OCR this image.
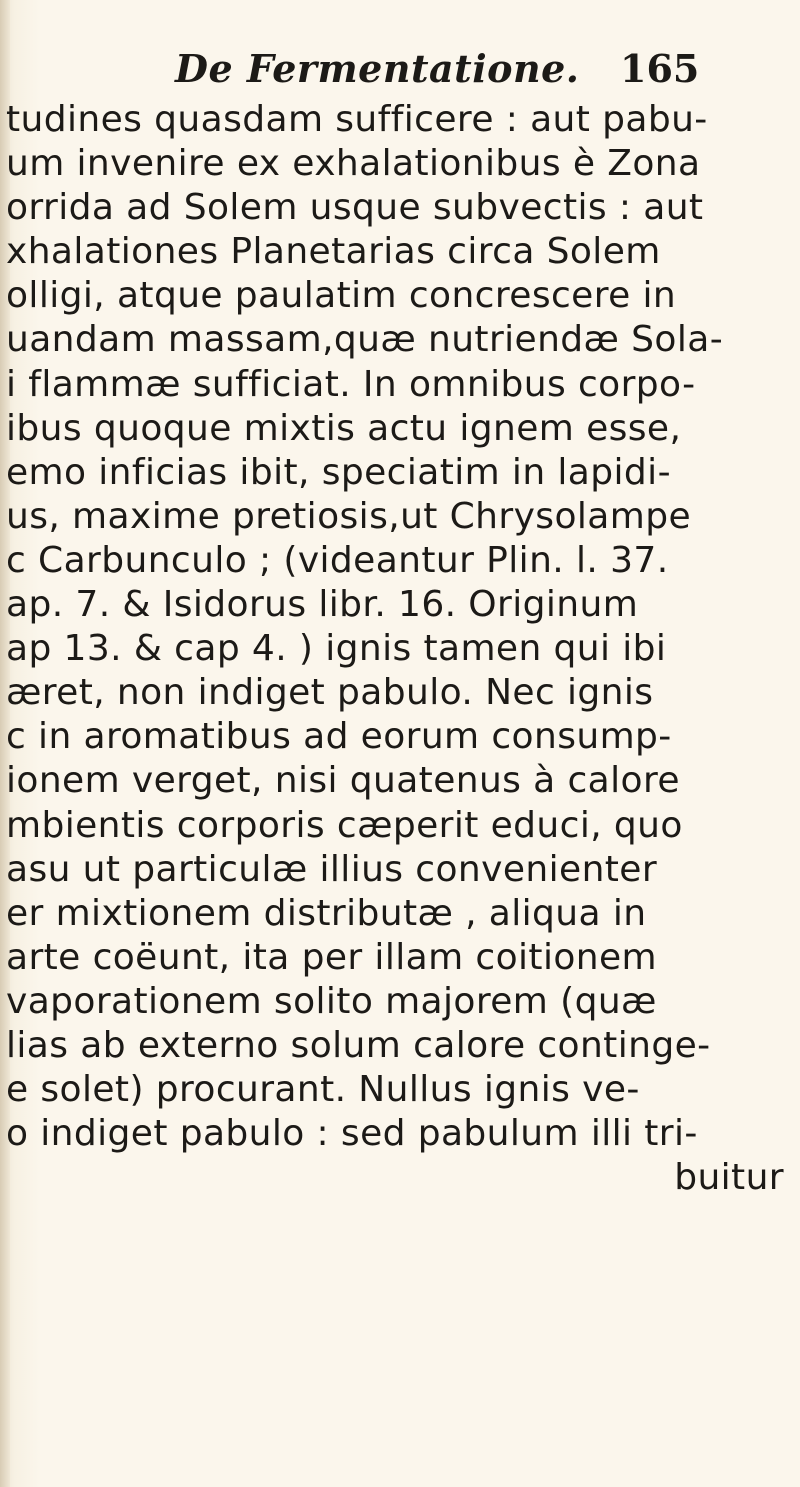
De Fermentatione. 165
tudines quasdam sufficere : aut pabu-
um invenire ex exhalationibus è Zona
orrida ad Solem usque subvectis : aut
xhalationes Planetarias circa Solem
olligi, atque paulatim concrescere in
uandam massam,quæ nutriendæ Sola-
i flammæ sufficiat. In omnibus corpo-
ibus quoque mixtis actu ignem esse,
emo inficias ibit, speciatim in lapidi-
us, maxime pretiosis,ut Chrysolampe
c Carbunculo ; (videantur Plin. l. 37.
ap. 7. & Isidorus libr. 16. Originum
ap 13. & cap 4. ) ignis tamen qui ibi
æret, non indiget pabulo. Nec ignis
c in aromatibus ad eorum consump-
ionem verget, nisi quatenus à calore
mbientis corporis cæperit educi, quo
asu ut particulæ illius convenienter
er mixtionem distributæ , aliqua in
arte coëunt, ita per illam coitionem
vaporationem solito majorem (quæ
lias ab externo solum calore continge-
e solet) procurant. Nullus ignis ve-
o indiget pabulo : sed pabulum illi tri-
buitur
